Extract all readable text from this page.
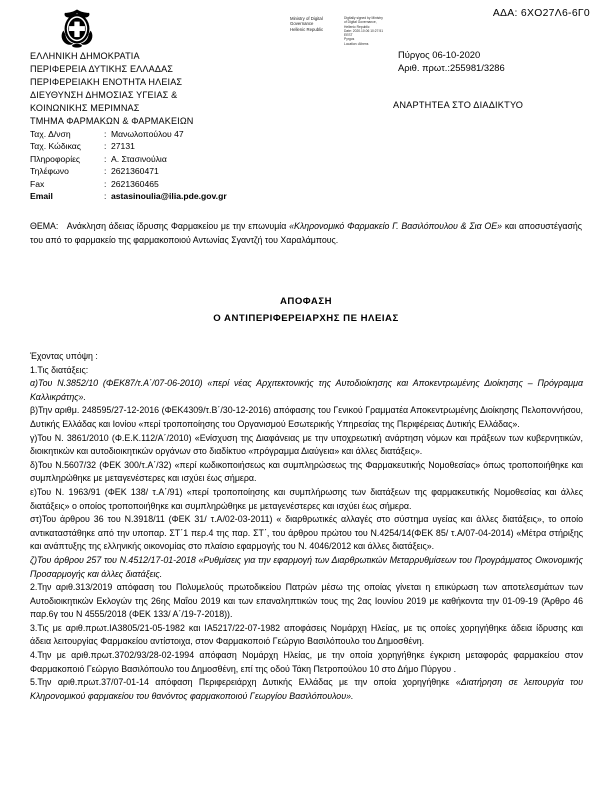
ΑΔΑ: 6ΧΟ27Λ6-6Γ0
Ministry of Digital
Governance
Hellenic Republic
Digitally signed by Ministry
of Digital Governance,
Hellenic Republic
Date: 2020.10.06 10:27:51
EEST
Pyrgos
Location: Athens
ΕΛΛΗΝΙΚΗ ΔΗΜΟΚΡΑΤΙΑ
ΠΕΡΙΦΕΡΕΙΑ ΔΥΤΙΚΗΣ ΕΛΛΑΔΑΣ
ΠΕΡΙΦΕΡΕΙΑΚΗ ΕΝΟΤΗΤΑ ΗΛΕΙΑΣ
ΔΙΕΥΘΥΝΣΗ ΔΗΜΟΣΙΑΣ ΥΓΕΙΑΣ &
ΚΟΙΝΩΝΙΚΗΣ ΜΕΡΙΜΝΑΣ
ΤΜΗΜΑ ΦΑΡΜΑΚΩΝ & ΦΑΡΜΑΚΕΙΩΝ
Ταχ. Δ/νση	: Μανωλοπούλου 47
Ταχ. Κώδικας	: 27131
Πληροφορίες	: Α. Στασινούλια
Τηλέφωνο	: 2621360471
Fax	: 2621360465
Email	: astasinoulia@ilia.pde.gov.gr
Πύργος 06-10-2020
Αριθ. πρωτ.:255981/3286
ΑΝΑΡΤΗΤΕΑ ΣΤΟ ΔΙΑΔΙΚΤΥΟ
ΘΕΜΑ: Ανάκληση άδειας ίδρυσης Φαρμακείου με την επωνυμία «Κληρονομικό Φαρμακείο Γ. Βασιλόπουλου & Σια ΟΕ» και αποσυστέγασής του από το φαρμακείο της φαρμακοποιού Αντωνίας Σγαντζή του Χαραλάμπους.
ΑΠΟΦΑΣΗ
Ο ΑΝΤΙΠΕΡΙΦΕΡΕΙΑΡΧΗΣ ΠΕ ΗΛΕΙΑΣ

Έχοντας υπόψη :

1.Τις διατάξεις:

α)Του Ν.3852/10 (ΦΕΚ87/τ.Α΄/07-06-2010) «περί νέας Αρχιτεκτονικής της Αυτοδιοίκησης και Αποκεντρωμένης Διοίκησης – Πρόγραμμα Καλλικράτης».

β)Την αριθμ. 248595/27-12-2016 (ΦΕΚ4309/τ.Β΄/30-12-2016) απόφασης του Γενικού Γραμματέα Αποκεντρωμένης Διοίκησης Πελοποννήσου, Δυτικής Ελλάδας και Ιονίου «περί τροποποίησης του Οργανισμού Εσωτερικής Υπηρεσίας της Περιφέρειας Δυτικής Ελλάδας».

γ)Του Ν. 3861/2010 (Φ.Ε.Κ.112/Α΄/2010) «Ενίσχυση της Διαφάνειας με την υποχρεωτική ανάρτηση νόμων και πράξεων των κυβερνητικών, διοικητικών και αυτοδιοικητικών οργάνων στο διαδίκτυο «πρόγραμμα Διαύγεια» και άλλες διατάξεις».

δ)Του Ν.5607/32 (ΦΕΚ 300/τ.Α΄/32) «περί κωδικοποιήσεως και συμπληρώσεως της Φαρμακευτικής Νομοθεσίας» όπως τροποποιήθηκε και συμπληρώθηκε με μεταγενέστερες και ισχύει έως σήμερα.

ε)Του Ν. 1963/91 (ΦΕΚ 138/ τ.Α΄/91) «περί τροποποίησης και συμπλήρωσης των διατάξεων της φαρμακευτικής Νομοθεσίας και άλλες διατάξεις» ο οποίος τροποποιήθηκε και συμπληρώθηκε με μεταγενέστερες και ισχύει έως σήμερα.

στ)Του άρθρου 36 του Ν.3918/11 (ΦΕΚ 31/ τ.Α/02-03-2011) « διαρθρωτικές αλλαγές στο σύστημα υγείας και άλλες διατάξεις», το οποίο αντικαταστάθηκε από την υποπαρ. ΣΤ΄1 περ.4 της παρ. ΣΤ΄, του άρθρου πρώτου του Ν.4254/14(ΦΕΚ 85/ τ.Α/07-04-2014) «Μέτρα στήριξης και ανάπτυξης της ελληνικής οικονομίας στο πλαίσιο εφαρμογής του Ν. 4046/2012 και άλλες διατάξεις».

ζ)Του άρθρου 257 του Ν.4512/17-01-2018 «Ρυθμίσεις για την εφαρμογή των Διαρθρωτικών Μεταρρυθμίσεων του Προγράμματος Οικονομικής Προσαρμογής και άλλες διατάξεις.

2.Την αριθ.313/2019 απόφαση του Πολυμελούς πρωτοδικείου Πατρών μέσω της οποίας γίνεται η επικύρωση των αποτελεσμάτων των Αυτοδιοικητικών Εκλογών της 26ης Μαΐου 2019 και των επαναληπτικών τους της 2ας Ιουνίου 2019 με καθήκοντα την 01-09-19 (Άρθρο 46 παρ.6γ του Ν 4555/2018 (ΦΕΚ 133/ Α΄/19-7-2018)).

3.Τις με αριθ.πρωτ.ΙΑ3805/21-05-1982 και ΙΑ5217/22-07-1982 αποφάσεις Νομάρχη Ηλείας, με τις οποίες χορηγήθηκε άδεια ίδρυσης και άδεια λειτουργίας Φαρμακείου αντίστοιχα, στον Φαρμακοποιό Γεώργιο Βασιλόπουλο του Δημοσθένη.

4.Την με αριθ.πρωτ.3702/93/28-02-1994 απόφαση Νομάρχη Ηλείας, με την οποία χορηγήθηκε έγκριση μεταφοράς φαρμακείου στον Φαρμακοποιό Γεώργιο Βασιλόπουλο του Δημοσθένη, επί της οδού Τάκη Πετροπούλου 10 στο Δήμο Πύργου .

5.Την αριθ.πρωτ.37/07-01-14 απόφαση Περιφερειάρχη Δυτικής Ελλάδας με την οποία χορηγήθηκε «Διατήρηση σε λειτουργία του Κληρονομικού φαρμακείου του θανόντος φαρμακοποιού Γεωργίου Βασιλόπουλου».
